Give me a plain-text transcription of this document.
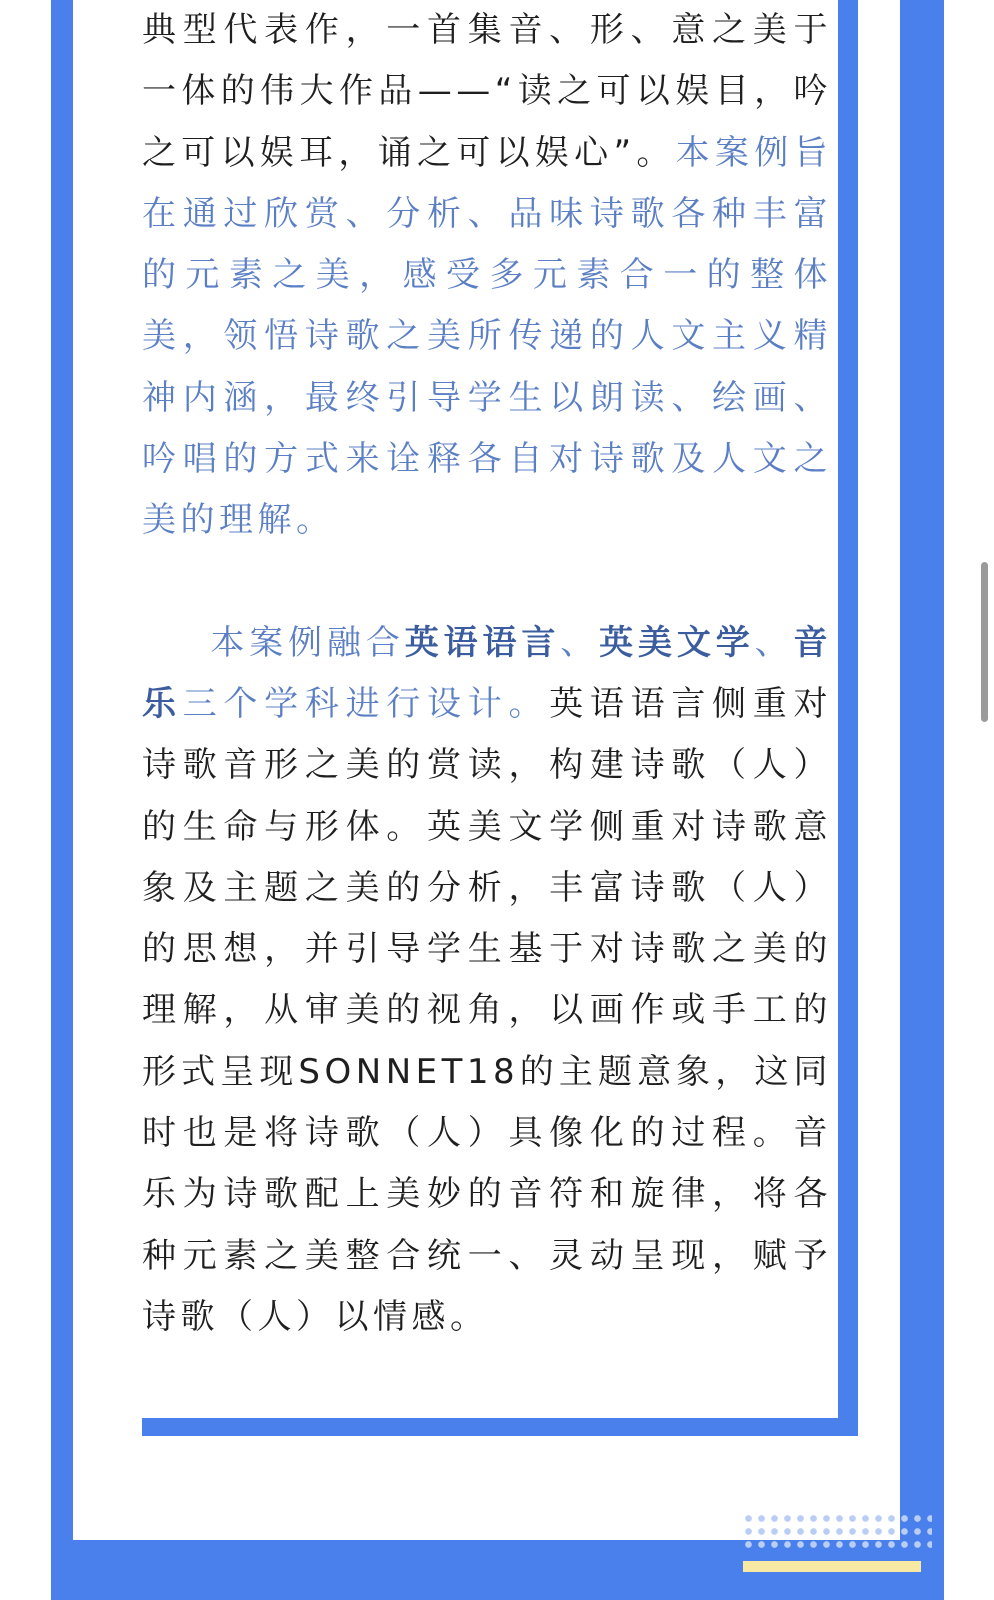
典型代表作，一首集音、形、意之美于一体的伟大作品——“读之可以娱目，吟之可以娱耳，诵之可以娱心”。本案例旨在通过欣赏、分析、品味诗歌各种丰富的元素之美，感受多元素合一的整体美，领悟诗歌之美所传递的人文主义精神内涵，最终引导学生以朗读、绘画、吟唱的方式来诠释各自对诗歌及人文之美的理解。

本案例融合英语语言、英美文学、音乐三个学科进行设计。英语语言侧重对诗歌音形之美的赏读，构建诗歌（人）的生命与形体。英美文学侧重对诗歌意象及主题之美的分析，丰富诗歌（人）的思想，并引导学生基于对诗歌之美的理解，从审美的视角，以画作或手工的形式呈现SONNET18的主题意象，这同时也是将诗歌（人）具像化的过程。音乐为诗歌配上美妙的音符和旋律，将各种元素之美整合统一、灵动呈现，赋予诗歌（人）以情感。
